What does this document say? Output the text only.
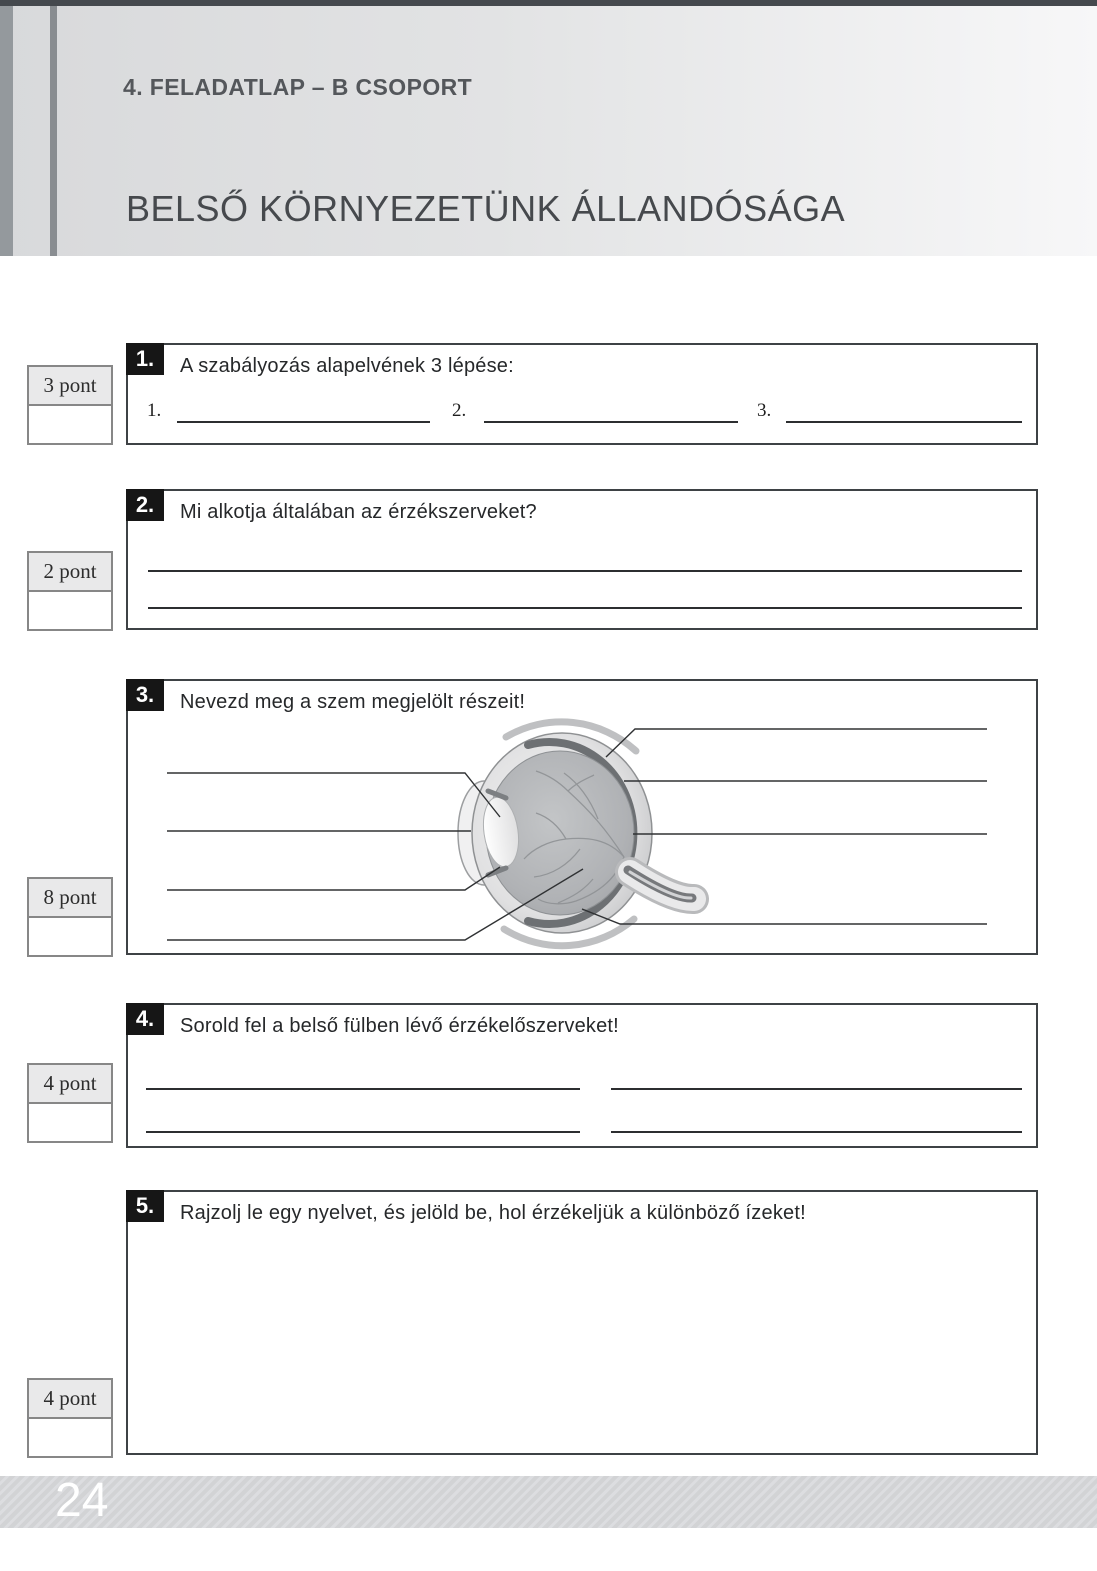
4. FELADATLAP – B CSOPORT
BELSŐ KÖRNYEZETÜNK ÁLLANDÓSÁGA
3 pont
1.	A szabályozás alapelvének 3 lépése:
1.	2.	3.
2 pont
2.	Mi alkotja általában az érzékszerveket?
8 pont
3.	Nevezd meg a szem megjelölt részeit!
4 pont
4.	Sorold fel a belső fülben lévő érzékelőszerveket!
4 pont
5.	Rajzolj le egy nyelvet, és jelöld be, hol érzékeljük a különböző ízeket!
24
